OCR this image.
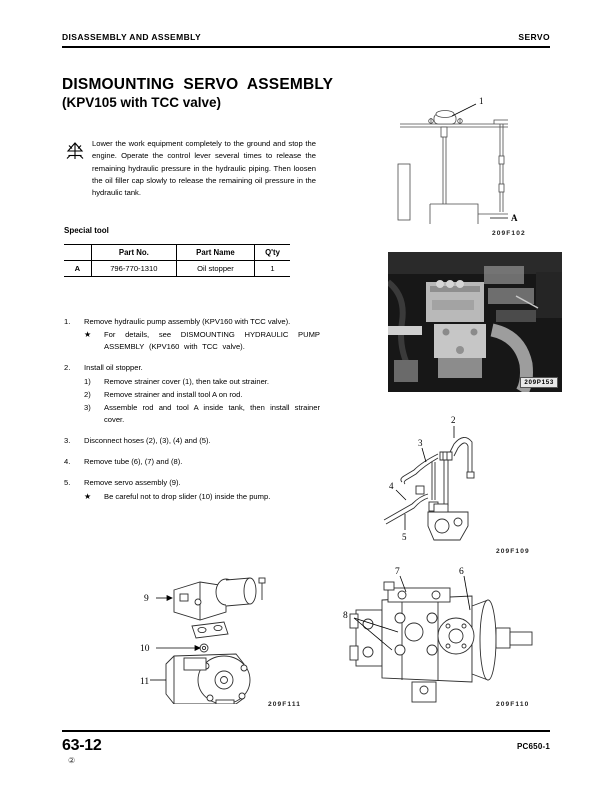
DISASSEMBLY AND ASSEMBLY	SERVO
DISMOUNTING  SERVO  ASSEMBLY
(KPV105 with TCC valve)
Lower the work equipment completely to the ground and stop the engine. Operate the control lever several times to release the remaining hydraulic pressure in the hydraulic piping. Then loosen the oil filler cap slowly to release the remaining oil pressure in the hydraulic tank.
Special tool
	Part No.	Part Name	Q'ty
A	796-770-1310	Oil stopper	1
1.	Remove hydraulic pump assembly (KPV160 with TCC valve).
★	For details, see DISMOUNTING HYDRAULIC PUMP ASSEMBLY (KPV160 with TCC valve).
2.	Install oil stopper.
1)	Remove strainer cover (1), then take out strainer.
2)	Remove strainer and install tool A on rod.
3)	Assemble rod and tool A inside tank, then install strainer cover.
3.	Disconnect hoses (2), (3), (4) and (5).
4.	Remove tube (6), (7) and (8).
5.	Remove servo assembly (9).
★	Be careful not to drop slider (10) inside the pump.
1
A
209F102
209P153
2
3
4
5
209F109
9
10
11
209F111
7	6
8
209F110
63-12
②
PC650-1
